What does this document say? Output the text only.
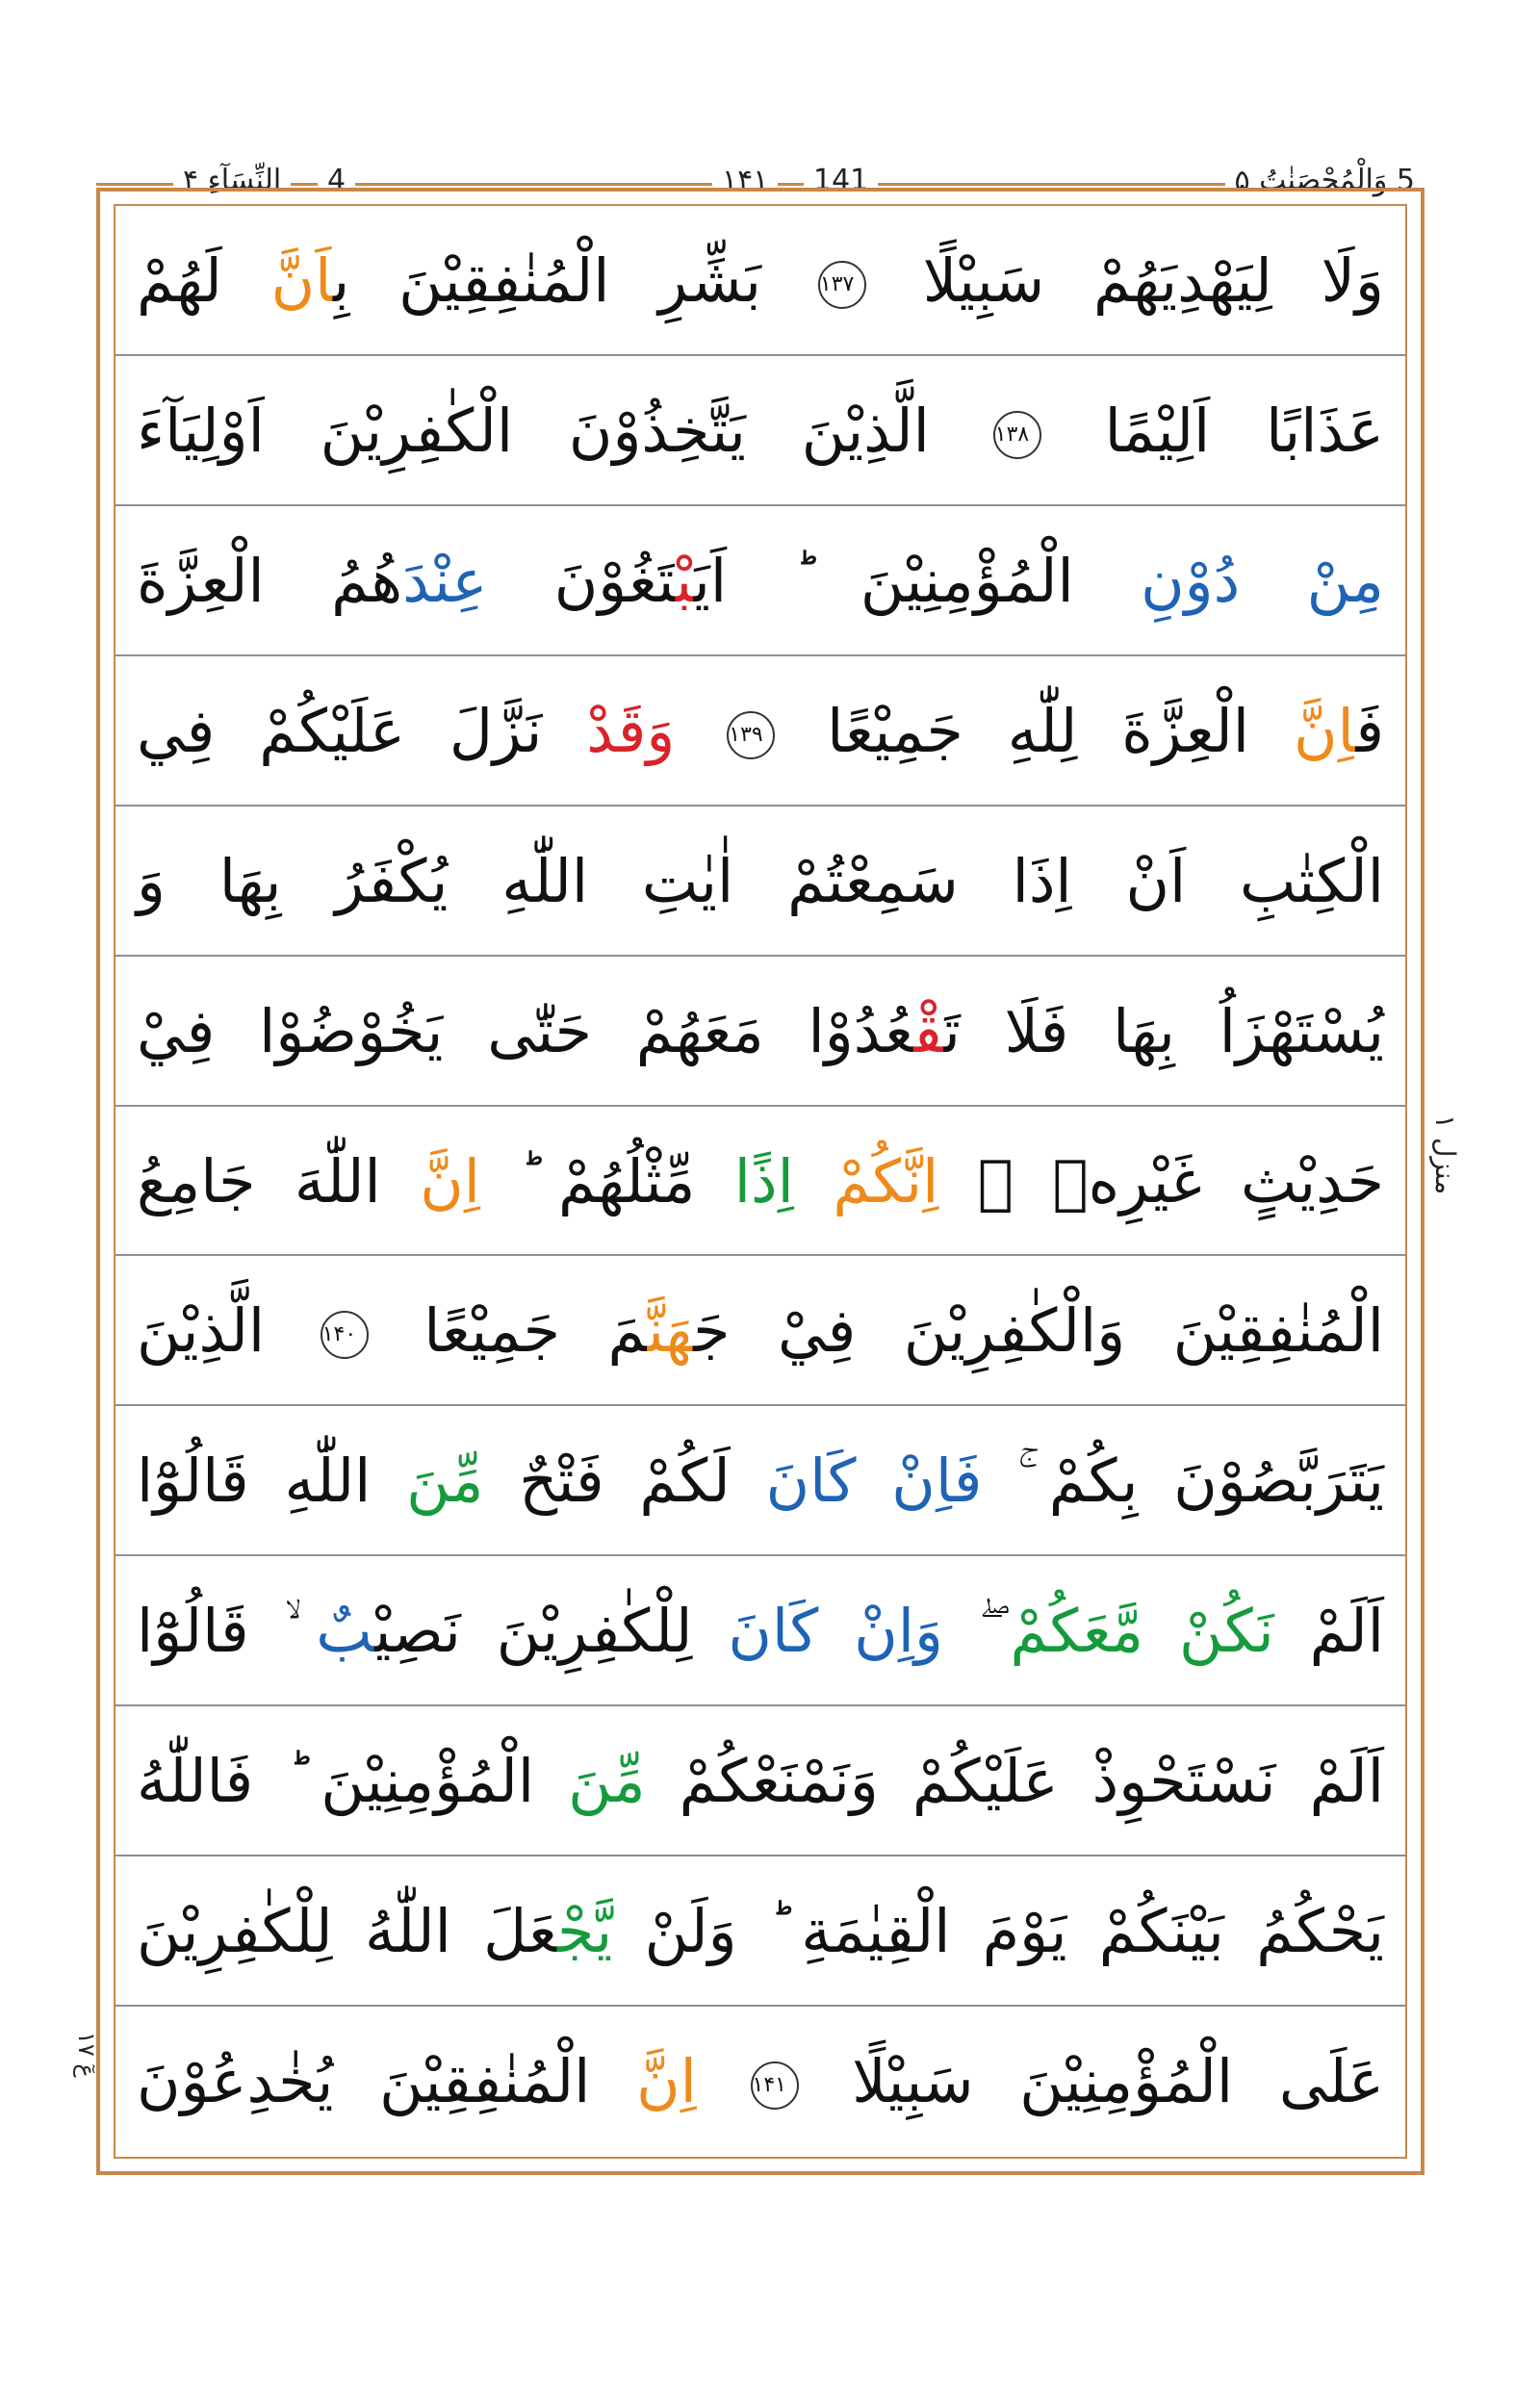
5 وَالْمُحْصَنٰتُ ۵
۱۴۱	141
4
النِّسَآءِ ۴
وَلَا لِيَهْدِيَهُمْ سَبِيْلًا ۱۳۷ بَشِّرِ الْمُنٰفِقِيْنَ بِاَنَّ لَهُمْ
عَذَابًا اَلِيْمًا ۱۳۸ الَّذِيْنَ يَتَّخِذُوْنَ الْكٰفِرِيْنَ اَوْلِيَآءَ
مِنْ دُوْنِ الْمُؤْمِنِيْنَ ؕ اَيَبْتَغُوْنَ عِنْدَهُمُ الْعِزَّةَ
فَاِنَّ الْعِزَّةَ لِلّٰهِ جَمِيْعًا ۱۳۹ وَقَدْ نَزَّلَ عَلَيْكُمْ فِي
الْكِتٰبِ اَنْ اِذَا سَمِعْتُمْ اٰيٰتِ اللّٰهِ يُكْفَرُ بِهَا وَ
يُسْتَهْزَاُ بِهَا فَلَا تَقْعُدُوْا مَعَهُمْ حَتّٰى يَخُوْضُوْا فِيْ
حَدِيْثٍ غَيْرِهٖ ۖ اِنَّكُمْ اِذًا مِّثْلُهُمْ ؕ اِنَّ اللّٰهَ جَامِعُ
الْمُنٰفِقِيْنَ وَالْكٰفِرِيْنَ فِيْ جَهَنَّمَ جَمِيْعًا ۱۴۰ الَّذِيْنَ
يَتَرَبَّصُوْنَ بِكُمْ ۚ فَاِنْ كَانَ لَكُمْ فَتْحٌ مِّنَ اللّٰهِ قَالُوْٓا
اَلَمْ نَكُنْ مَّعَكُمْ ۖ وَاِنْ كَانَ لِلْكٰفِرِيْنَ نَصِيْبٌ ۙ قَالُوْٓا
اَلَمْ نَسْتَحْوِذْ عَلَيْكُمْ وَنَمْنَعْكُمْ مِّنَ الْمُؤْمِنِيْنَ ؕ فَاللّٰهُ
يَحْكُمُ بَيْنَكُمْ يَوْمَ الْقِيٰمَةِ ؕ وَلَنْ يَّجْعَلَ اللّٰهُ لِلْكٰفِرِيْنَ
عَلَى الْمُؤْمِنِيْنَ سَبِيْلًا ۱۴۱ اِنَّ الْمُنٰفِقِيْنَ يُخٰدِعُوْنَ
منزل ۱
عٓ ۱۷
